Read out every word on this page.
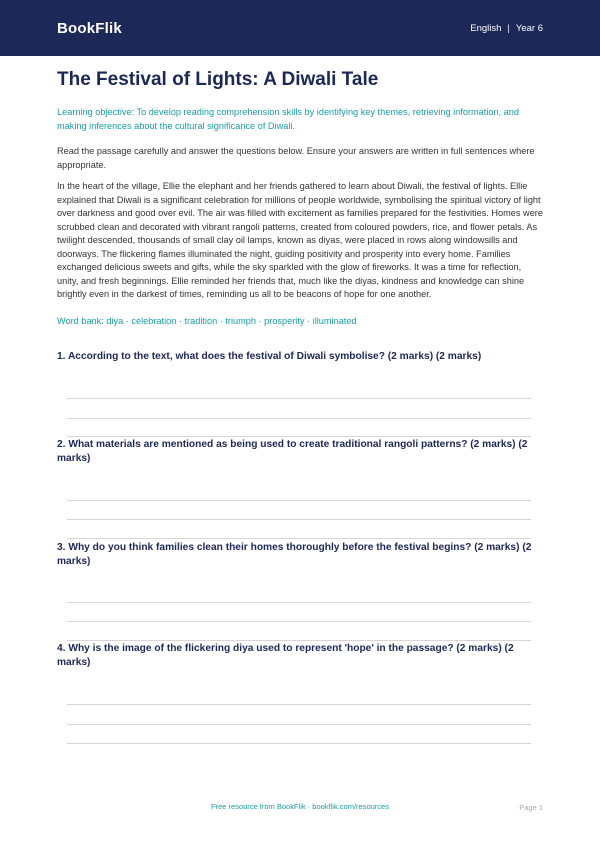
BookFlik	English | Year 6
The Festival of Lights: A Diwali Tale
Learning objective: To develop reading comprehension skills by identifying key themes, retrieving information, and making inferences about the cultural significance of Diwali.
Read the passage carefully and answer the questions below. Ensure your answers are written in full sentences where appropriate.
In the heart of the village, Ellie the elephant and her friends gathered to learn about Diwali, the festival of lights. Ellie explained that Diwali is a significant celebration for millions of people worldwide, symbolising the spiritual victory of light over darkness and good over evil. The air was filled with excitement as families prepared for the festivities. Homes were scrubbed clean and decorated with vibrant rangoli patterns, created from coloured powders, rice, and flower petals. As twilight descended, thousands of small clay oil lamps, known as diyas, were placed in rows along windowsills and doorways. The flickering flames illuminated the night, guiding positivity and prosperity into every home. Families exchanged delicious sweets and gifts, while the sky sparkled with the glow of fireworks. It was a time for reflection, unity, and fresh beginnings. Ellie reminded her friends that, much like the diyas, kindness and knowledge can shine brightly even in the darkest of times, reminding us all to be beacons of hope for one another.
Word bank: diya · celebration · tradition · triumph · prosperity · illuminated
1. According to the text, what does the festival of Diwali symbolise? (2 marks) (2 marks)
2. What materials are mentioned as being used to create traditional rangoli patterns? (2 marks) (2 marks)
3. Why do you think families clean their homes thoroughly before the festival begins? (2 marks) (2 marks)
4. Why is the image of the flickering diya used to represent 'hope' in the passage? (2 marks) (2 marks)
Free resource from BookFlik · bookflik.com/resources	Page 1
